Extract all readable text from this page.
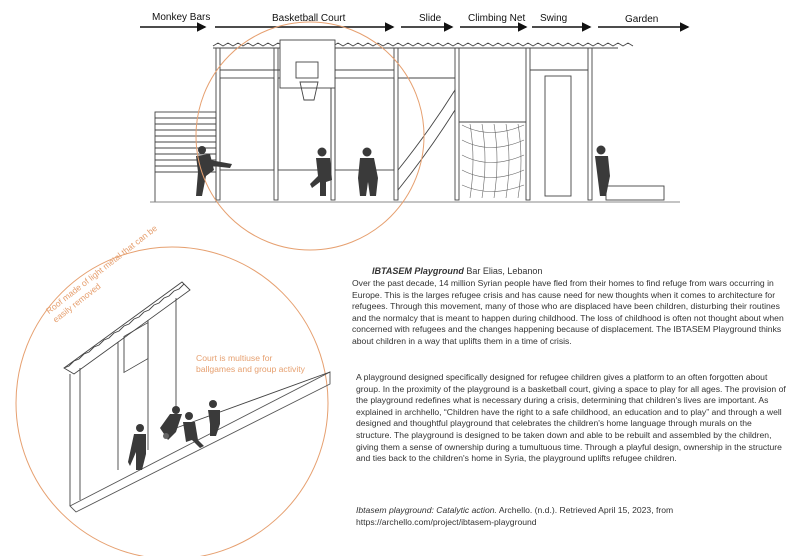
Monkey Bars	Basketball Court	Slide	Climbing Net Swing	Garden
Roof made of light metal that can be easily removed
Court is multiuse for
ballgames and group activity
IBTASEM Playground Bar Elias, Lebanon
Over the past decade, 14 million Syrian people have fled from their homes to find refuge from wars occurring in Europe. This is the larges refugee crisis and has cause need for new thoughts when it comes to architecture for refugees. Through this movement, many of those who are displaced have been children, disturbing their routines and the normalcy that is meant to happen during childhood. The loss of childhood is often not thought about when concerned with refugees and the changes happening because of displacement. The IBTASEM Playground thinks about children in a way that uplifts them in a time of crisis.
A playground designed specifically designed for refugee children gives a platform to an often forgotten about group. In the proximity of the playground is a basketball court, giving a space to play for all ages. The provision of the playground redefines what is necessary during a crisis, determining that children's lives are important. As explained in archhello, “Children have the right to a safe childhood, an education and to play” and through a well designed and thoughtful playground that celebrates the children's home language through murals on the structure. The playground is designed to be taken down and able to be rebuilt and assembled by the children, giving them a sense of ownership during a tumultuous time. Through a playful design, ownership in the structure and ties back to the children's home in Syria, the playground uplifts refugee children.
Ibtasem playground: Catalytic action. Archello. (n.d.). Retrieved April 15, 2023, from https://archello.com/project/ibtasem-playground
